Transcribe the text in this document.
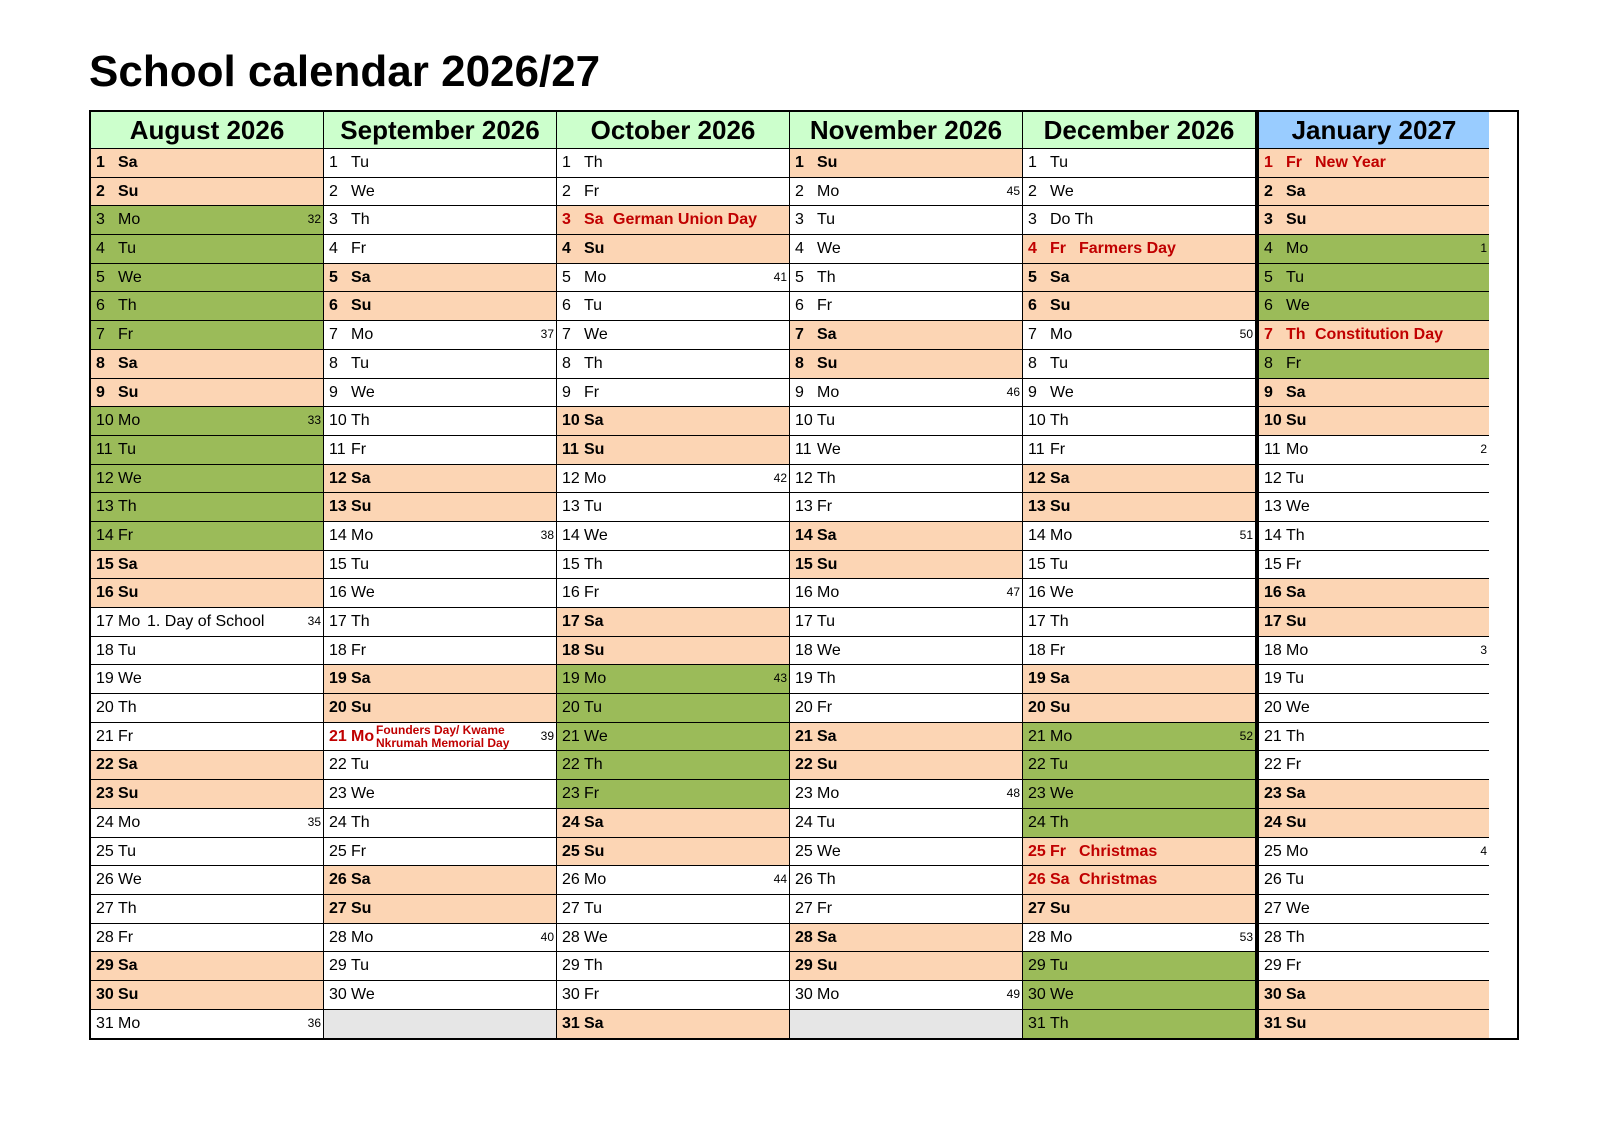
School calendar 2026/27
August 2026
1 Sa
2 Su
3 Mo	32
4 Tu
5 We
6 Th
7 Fr
8 Sa
9 Su
10 Mo	33
11 Tu
12 We
13 Th
14 Fr
15 Sa
16 Su
17 Mo 1. Day of School	34
18 Tu
19 We
20 Th
21 Fr
22 Sa
23 Su
24 Mo	35
25 Tu
26 We
27 Th
28 Fr
29 Sa
30 Su
31 Mo	36
September 2026
1 Tu
2 We
3 Th
4 Fr
5 Sa
6 Su
7 Mo	37
8 Tu
9 We
10 Th
11 Fr
12 Sa
13 Su
14 Mo	38
15 Tu
16 We
17 Th
18 Fr
19 Sa
20 Su
21 Mo Founders Day/ Kwame Nkrumah Memorial Day	39
22 Tu
23 We
24 Th
25 Fr
26 Sa
27 Su
28 Mo	40
29 Tu
30 We
October 2026
1 Th
2 Fr
3 Sa German Union Day
4 Su
5 Mo	41
6 Tu
7 We
8 Th
9 Fr
10 Sa
11 Su
12 Mo	42
13 Tu
14 We
15 Th
16 Fr
17 Sa
18 Su
19 Mo	43
20 Tu
21 We
22 Th
23 Fr
24 Sa
25 Su
26 Mo	44
27 Tu
28 We
29 Th
30 Fr
31 Sa
November 2026
1 Su
2 Mo	45
3 Tu
4 We
5 Th
6 Fr
7 Sa
8 Su
9 Mo	46
10 Tu
11 We
12 Th
13 Fr
14 Sa
15 Su
16 Mo	47
17 Tu
18 We
19 Th
20 Fr
21 Sa
22 Su
23 Mo	48
24 Tu
25 We
26 Th
27 Fr
28 Sa
29 Su
30 Mo	49
December 2026
1 Tu
2 We
3 Do Th
4 Fr Farmers Day
5 Sa
6 Su
7 Mo	50
8 Tu
9 We
10 Th
11 Fr
12 Sa
13 Su
14 Mo	51
15 Tu
16 We
17 Th
18 Fr
19 Sa
20 Su
21 Mo	52
22 Tu
23 We
24 Th
25 Fr Christmas
26 Sa Christmas
27 Su
28 Mo	53
29 Tu
30 We
31 Th
January 2027
1 Fr New Year
2 Sa
3 Su
4 Mo	1
5 Tu
6 We
7 Th Constitution Day
8 Fr
9 Sa
10 Su
11 Mo	2
12 Tu
13 We
14 Th
15 Fr
16 Sa
17 Su
18 Mo	3
19 Tu
20 We
21 Th
22 Fr
23 Sa
24 Su
25 Mo	4
26 Tu
27 We
28 Th
29 Fr
30 Sa
31 Su
